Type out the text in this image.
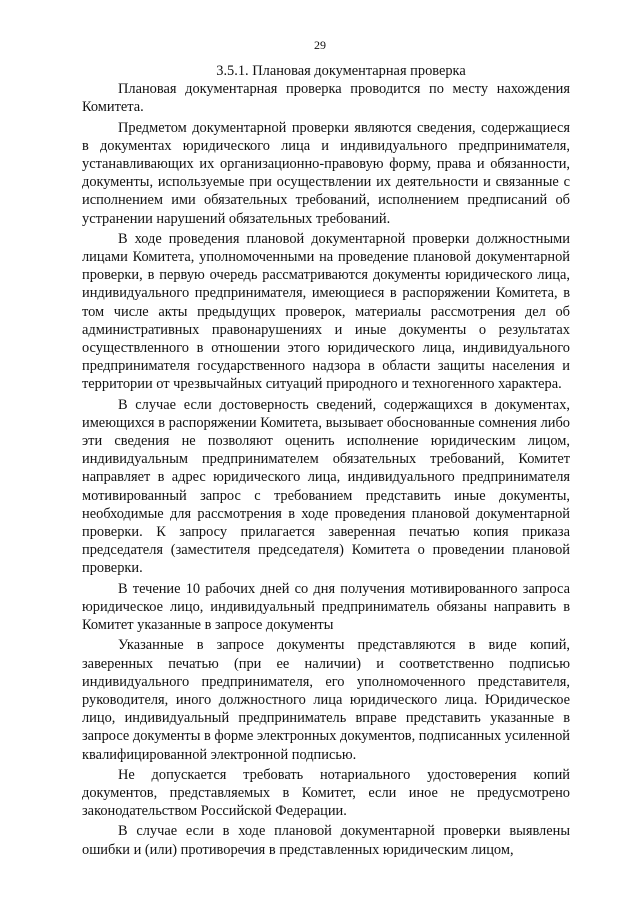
29

3.5.1. Плановая документарная проверка

Плановая документарная проверка проводится по месту нахождения Комитета.

Предметом документарной проверки являются сведения, содержащиеся в документах юридического лица и индивидуального предпринимателя, устанавливающих их организационно-правовую форму, права и обязанности, документы, используемые при осуществлении их деятельности и связанные с исполнением ими обязательных требований, исполнением предписаний об устранении нарушений обязательных требований.

В ходе проведения плановой документарной проверки должностными лицами Комитета, уполномоченными на проведение плановой документарной проверки, в первую очередь рассматриваются документы юридического лица, индивидуального предпринимателя, имеющиеся в распоряжении Комитета, в том числе акты предыдущих проверок, материалы рассмотрения дел об административных правонарушениях и иные документы о результатах осуществленного в отношении этого юридического лица, индивидуального предпринимателя государственного надзора в области защиты населения и территории от чрезвычайных ситуаций природного и техногенного характера.

В случае если достоверность сведений, содержащихся в документах, имеющихся в распоряжении Комитета, вызывает обоснованные сомнения либо эти сведения не позволяют оценить исполнение юридическим лицом, индивидуальным предпринимателем обязательных требований, Комитет направляет в адрес юридического лица, индивидуального предпринимателя мотивированный запрос с требованием представить иные документы, необходимые для рассмотрения в ходе проведения плановой документарной проверки. К запросу прилагается заверенная печатью копия приказа председателя (заместителя председателя) Комитета о проведении плановой проверки.

В течение 10 рабочих дней со дня получения мотивированного запроса юридическое лицо, индивидуальный предприниматель обязаны направить в Комитет указанные в запросе документы

Указанные в запросе документы представляются в виде копий, заверенных печатью (при ее наличии) и соответственно подписью индивидуального предпринимателя, его уполномоченного представителя, руководителя, иного должностного лица юридического лица. Юридическое лицо, индивидуальный предприниматель вправе представить указанные в запросе документы в форме электронных документов, подписанных усиленной квалифицированной электронной подписью.

Не допускается требовать нотариального удостоверения копий документов, представляемых в Комитет, если иное не предусмотрено законодательством Российской Федерации.

В случае если в ходе плановой документарной проверки выявлены ошибки и (или) противоречия в представленных юридическим лицом,
